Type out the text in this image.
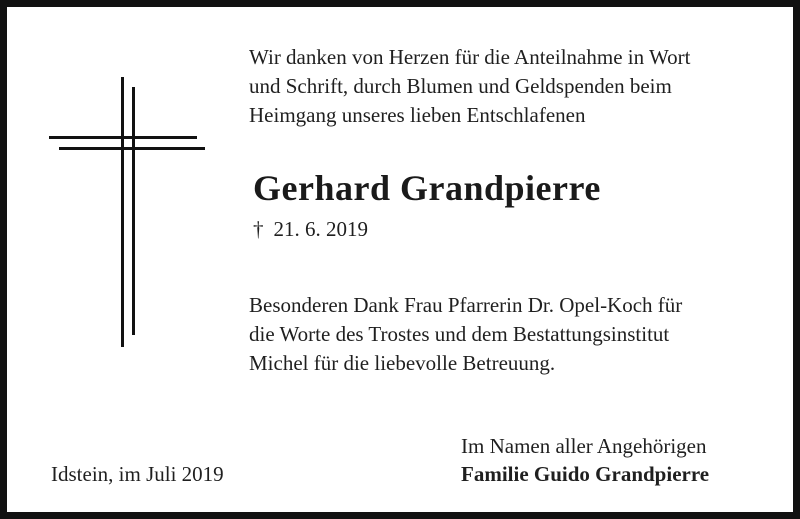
Wir danken von Herzen für die Anteilnahme in Wort
und Schrift, durch Blumen und Geldspenden beim
Heimgang unseres lieben Entschlafenen
Gerhard Grandpierre
† 21. 6. 2019
Besonderen Dank Frau Pfarrerin Dr. Opel-Koch für
die Worte des Trostes und dem Bestattungsinstitut
Michel für die liebevolle Betreuung.
Idstein, im Juli 2019
Im Namen aller Angehörigen
Familie Guido Grandpierre
